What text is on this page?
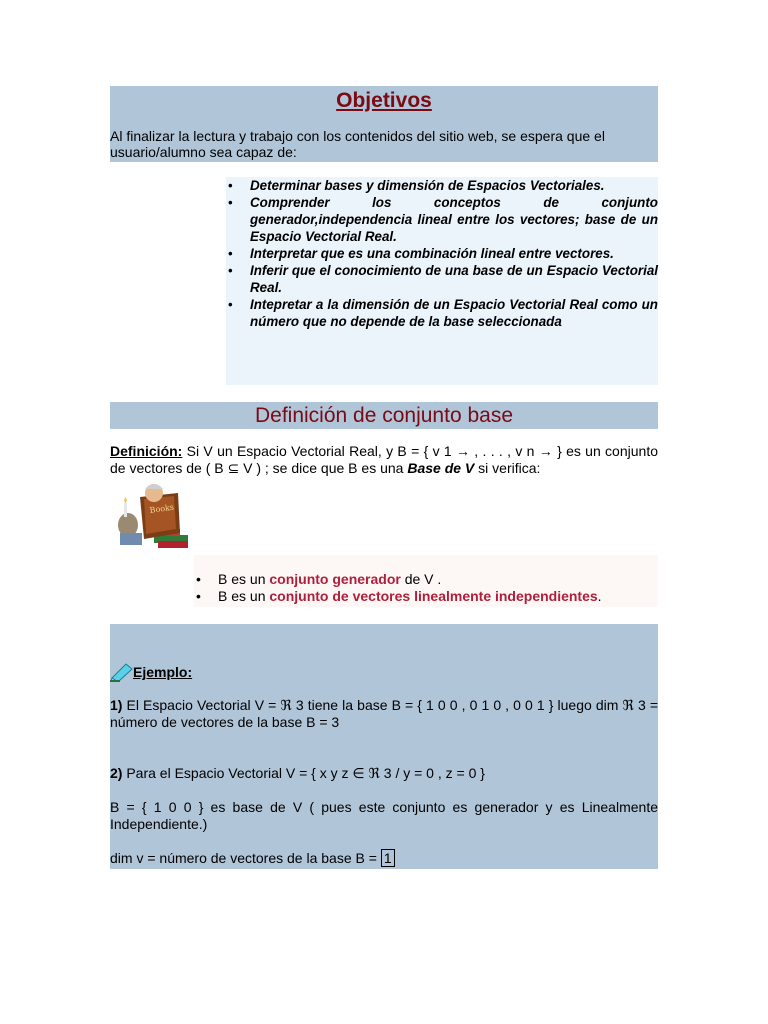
Objetivos

Al finalizar la lectura y trabajo con los contenidos del sitio web, se espera que el usuario/alumno sea capaz de:

• Determinar bases y dimensión de Espacios Vectoriales.
• Comprender los conceptos de conjunto generador,independencia lineal entre los vectores; base de un Espacio Vectorial Real.
• Interpretar que es una combinación lineal entre vectores.
• Inferir que el conocimiento de una base de un Espacio Vectorial Real.
• Intepretar a la dimensión de un Espacio Vectorial Real como un número que no depende de la base seleccionada
Definición de conjunto base

Definición: Si V un Espacio Vectorial Real, y B = { v 1 → , . . . , v n → } es un conjunto de vectores de ( B ⊆ V ) ; se dice que B es una Base de V si verifica:

Books
• B es un conjunto generador de V .
• B es un conjunto de vectores linealmente independientes.
Ejemplo:

1) El Espacio Vectorial V = ℜ 3 tiene la base B = { 1 0 0 , 0 1 0 , 0 0 1 } luego dim ℜ 3 = número de vectores de la base B = 3

2) Para el Espacio Vectorial V = { x y z ∈ ℜ 3 / y = 0 , z = 0 }

B = { 1 0 0 } es base de V ( pues este conjunto es generador y es Linealmente Independiente.)

dim v = número de vectores de la base B = 1
